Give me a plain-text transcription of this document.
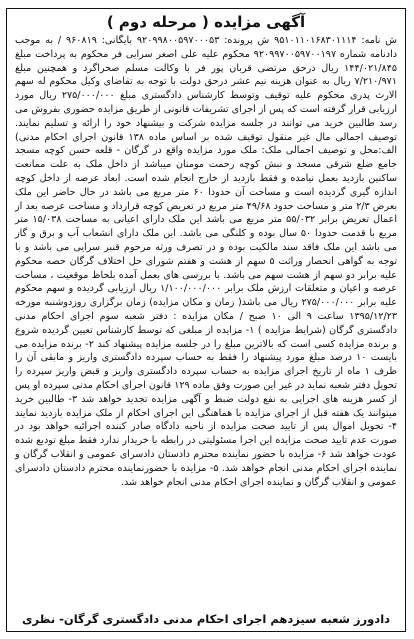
آگهی مزایده ( مرحله دوم )

ش نامه: ۹۵۱۰۱۱۰۱۶۸۳۰۱۱۱۴ ش پرونده: ۹۲۰۹۹۸۰۰۵۹۷۰۰۰۵۳ بایگانی: ۹۶۰۸۱۹ / به موجب دادنامه شماره ۹۲۰۹۹۷۰۰۵۹۷۰۰۱۹۷ محکوم علیه علی اصغر سرایی فر محکوم به پرداخت مبلغ ۱۴۴/۰۲۱/۸۴۵ ریال درحق مرتضی قربان پور فر با وکالت مسلم صحراگرد و همچنین مبلغ ۷/۲۱۰/۹۷۱ ریال به عنوان هزینه نیم عشر درحق دولت با توجه به تقاضای وکیل محکوم له سهم الارث پدری محکوم علیه توقیف وتوسط کارشناس دادگستری مبلغ ۲۷۵/۰۰۰/۰۰۰ ریال مورد ارزیابی قرار گرفته است که پس از اجرای تشریفات قانونی از طریق مزایده حضوری بفروش می رسد طالبین خرید می توانند در جلسه مزایده شرکت و بیشنهاد خود را ارائه و تسلیم نمایند. توصیف اجمالی مال غیر منقول توقیف شده بر اساس ماده ۱۳۸ قانون اجرای احکام مدنی) الف:محل و توصیف اجمالی ملک: ملک مورد مزایده واقع در گرگان - قلعه حسن کوچه مسجد جامع ضلع شرقی مسجد و نبش کوچه رحمت مومنان میباشد از داخل ملک به علت ممانعت ساکنین بازدید بعمل نیامده و فقط بازدید از خارج انجام شده است. ابعاد عرصه از داخل کوچه اندازه گیری گردیده است و مساحت آن حدودا ۶۰ متر مربع می باشد در حال حاضر این ملک بعرض ۲/۳ متر و مساحت حدود ۴۹/۶۸ متر مربع در تعریض کوچه قرارداد و مساحت عرصه بعد از اعمال تعریض برابر ۵۵/۰۳۲ متر مربع می باشد این ملک دارای اعیانی به مساحت ۱۵/۰۳۸ متر مربع با قدمت حدودا ۵۰ سال بوده و کلنگی می باشد. این ملک دارای انشعاب آب و برق و گاز می باشد این ملک فاقد سند مالکیت بوده و در تصرف ورثه مرحوم قنبر سرایی می باشد و با توجه به گواهی انحصار وراثت ۵ سهم از هشت و هفتم شورای حل اختلاف گرگان حصه محکوم علیه برابر دو سهم از هشت سهم می باشد. با بررسی های بعمل آمده بلحاظ موقعیت ، مساحت عرصه و اعیان و متعلقات ارزش ملک برابر ۱/۱۰۰/۰۰۰/۰۰۰ ریال ارزیابی گردیده و سهم محکوم علیه برابر ۲۷۵/۰۰۰/۰۰۰ ریال می باشد( زمان و مکان مزایده) زمان برگزاری روزدوشنبه مورخه ۱۳۹۵/۱۲/۲۳ ساعت ۹ الی ۱۰ صبح / مکان مزایده : دفتر شعبه سوم اجرای احکام مدنی دادگستری گرگان (شرایط مزایده ) ۱- مزایده از مبلغی که توسط کارشناس تعیین گردیده شروع و برنده مزایده کسی است که بالاترین مبلغ را در جلسه مزایده پیشنهاد کند ۲- برنده مزایده می بایست ۱۰ درصد مبلغ مورد پیشنهاد را فقط به حساب سپرده دادگستری واریز و مابقی آن را ظرف ۱ ماه از تاریخ اجرای مزایده به حساب سپرده دادگستری واریز و قبض واریز سپرده را تحویل دفتر شعبه نماید در غیر این صورت وفق ماده ۱۲۹ قانون اجرای احکام مدنی سپرده او پس از کسر هزینه های اجرایی به نفع دولت ضبط و آگهی مزایده تجدید خواهد شد ۳- طالبین خرید میتوانند یک هفته قبل از اجرای مزایده با هماهنگی این اجرای احکام از ملک مزایده بازدید نمایند ۴- تحویل اموال پس از تایید صحت مزایده از ناحیه دادگاه صادر کننده اجرائیه خواهد بود در صورت عدم تایید صحت مزایده این اجرا مسئولیتی در رابطه با خریدار ندارد فقط مبلغ تودیع شده عودت خواهد شد ۶- مزایده با حضور نماینده محترم دادستان دادسرای عمومی و انقلاب گرگان و نماینده اجرای احکام مدنی انجام خواهد شد. ۵- مزایده با حضورنماینده محترم دادستان دادسرای عمومی و انقلاب گرگان و نماینده اجرای احکام مدنی انجام خواهد شد.

دادورز شعبه سیزدهم اجرای احکام مدنی دادگستری گرگان- نظری
